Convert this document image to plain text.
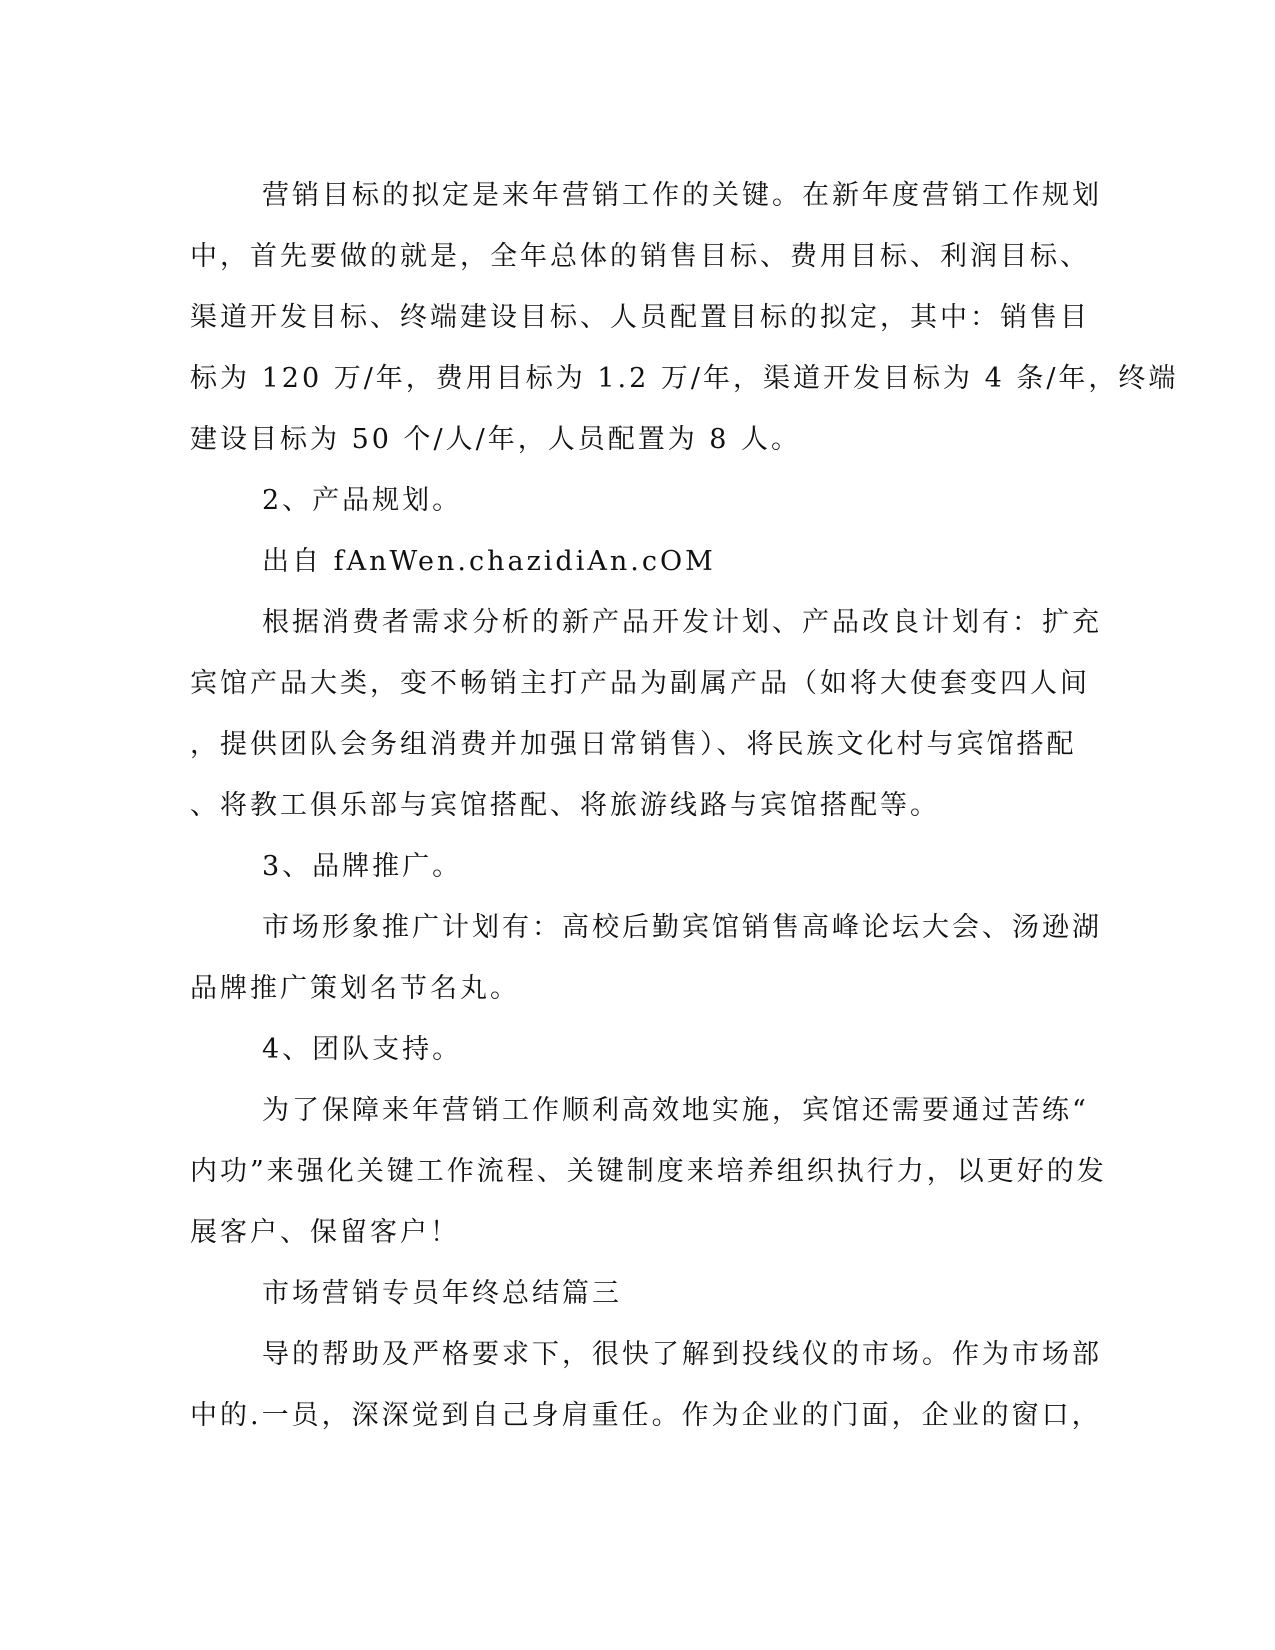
营销目标的拟定是来年营销工作的关键。在新年度营销工作规划
中，首先要做的就是，全年总体的销售目标、费用目标、利润目标、
渠道开发目标、终端建设目标、人员配置目标的拟定，其中：销售目
标为 120 万/年，费用目标为 1.2 万/年，渠道开发目标为 4 条/年，终端
建设目标为 50 个/人/年，人员配置为 8 人。
2、产品规划。
出自 fAnWen.chazidiAn.cOM
根据消费者需求分析的新产品开发计划、产品改良计划有：扩充
宾馆产品大类，变不畅销主打产品为副属产品（如将大使套变四人间
，提供团队会务组消费并加强日常销售）、将民族文化村与宾馆搭配
、将教工俱乐部与宾馆搭配、将旅游线路与宾馆搭配等。
3、品牌推广。
市场形象推广计划有：高校后勤宾馆销售高峰论坛大会、汤逊湖
品牌推广策划名节名丸。
4、团队支持。
为了保障来年营销工作顺利高效地实施，宾馆还需要通过苦练“
内功”来强化关键工作流程、关键制度来培养组织执行力，以更好的发
展客户、保留客户！
市场营销专员年终总结篇三
导的帮助及严格要求下，很快了解到投线仪的市场。作为市场部
中的.一员，深深觉到自己身肩重任。作为企业的门面，企业的窗口，
